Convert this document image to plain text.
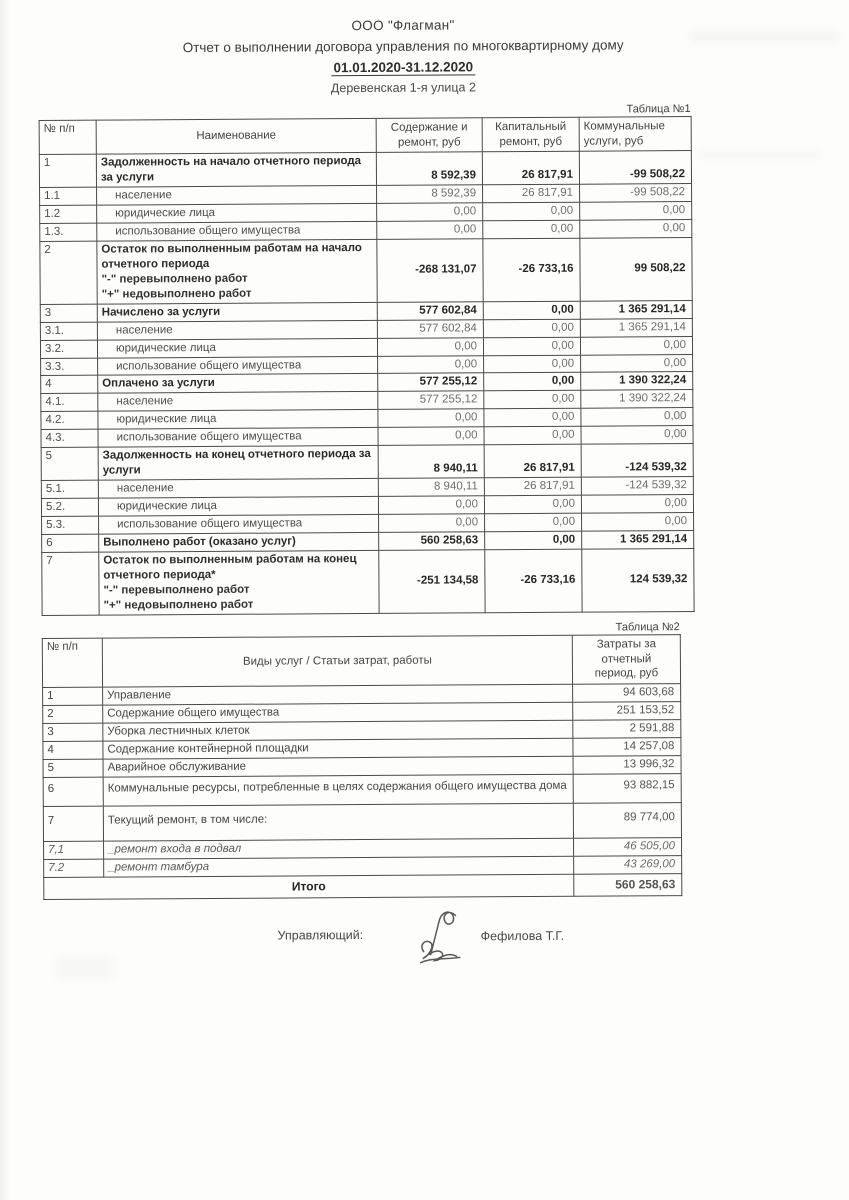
ООО "Флагман"
Отчет о выполнении договора управления по многоквартирному дому
01.01.2020-31.12.2020
Деревенская 1-я улица 2
Таблица №1
№ п/п	Наименование	Содержание и ремонт, руб	Капитальный ремонт, руб	Коммунальные услуги, руб
1	Задолженность на начало отчетного периода за услуги	8 592,39	26 817,91	-99 508,22
1.1	население	8 592,39	26 817,91	-99 508,22
1.2	юридические лица	0,00	0,00	0,00
1.3.	использование общего имущества	0,00	0,00	0,00
2	Остаток по выполненным работам на начало отчетного периода
"-" перевыполнено работ
"+" недовыполнено работ	-268 131,07	-26 733,16	99 508,22
3	Начислено за услуги	577 602,84	0,00	1 365 291,14
3.1.	население	577 602,84	0,00	1 365 291,14
3.2.	юридические лица	0,00	0,00	0,00
3.3.	использование общего имущества	0,00	0,00	0,00
4	Оплачено за услуги	577 255,12	0,00	1 390 322,24
4.1.	население	577 255,12	0,00	1 390 322,24
4.2.	юридические лица	0,00	0,00	0,00
4.3.	использование общего имущества	0,00	0,00	0,00
5	Задолженность на конец отчетного периода за услуги	8 940,11	26 817,91	-124 539,32
5.1.	население	8 940,11	26 817,91	-124 539,32
5.2.	юридические лица	0,00	0,00	0,00
5.3.	использование общего имущества	0,00	0,00	0,00
6	Выполнено работ (оказано услуг)	560 258,63	0,00	1 365 291,14
7	Остаток по выполненным работам на конец отчетного периода*
"-" перевыполнено работ
"+" недовыполнено работ	-251 134,58	-26 733,16	124 539,32
Таблица №2
№ п/п	Виды услуг / Статьи затрат, работы	Затраты за отчетный период, руб
1	Управление	94 603,68
2	Содержание общего имущества	251 153,52
3	Уборка лестничных клеток	2 591,88
4	Содержание контейнерной площадки	14 257,08
5	Аварийное обслуживание	13 996,32
6	Коммунальные ресурсы, потребленные в целях содержания общего имущества дома	93 882,15
7	Текущий ремонт, в том числе:	89 774,00
7,1	_ремонт входа в подвал	46 505,00
7.2	_ремонт тамбура	43 269,00
Итого		560 258,63
Управляющий:	Фефилова Т.Г.
